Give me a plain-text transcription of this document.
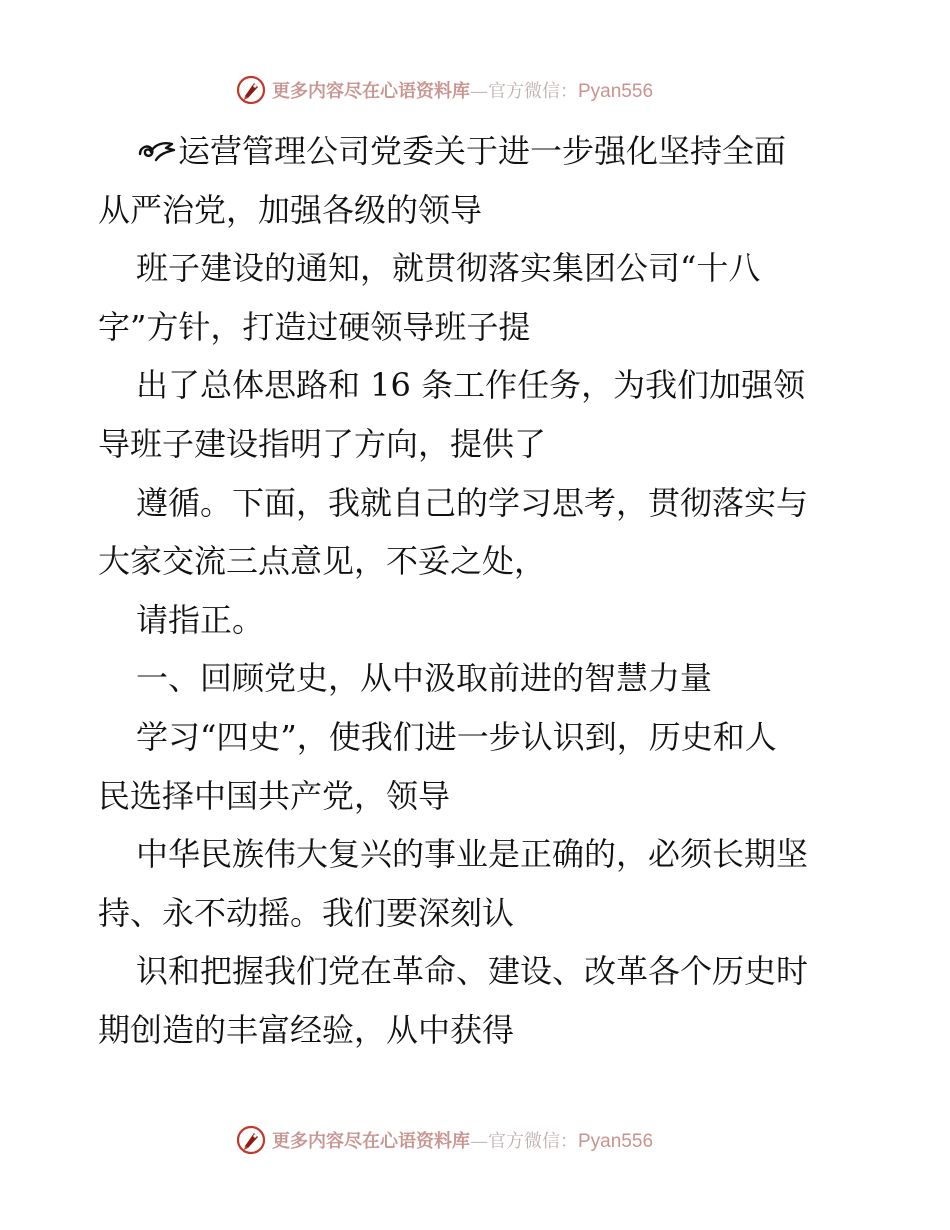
更多内容尽在心语资料库—官方微信：Pyan556
运营管理公司党委关于进一步强化坚持全面
从严治党，加强各级的领导
班子建设的通知，就贯彻落实集团公司“十八
字”方针，打造过硬领导班子提
出了总体思路和 16 条工作任务，为我们加强领
导班子建设指明了方向，提供了
遵循。下面，我就自己的学习思考，贯彻落实与
大家交流三点意见，不妥之处，
请指正。
一、回顾党史，从中汲取前进的智慧力量
学习“四史”，使我们进一步认识到，历史和人
民选择中国共产党，领导
中华民族伟大复兴的事业是正确的，必须长期坚
持、永不动摇。我们要深刻认
识和把握我们党在革命、建设、改革各个历史时
期创造的丰富经验，从中获得
更多内容尽在心语资料库—官方微信：Pyan556
